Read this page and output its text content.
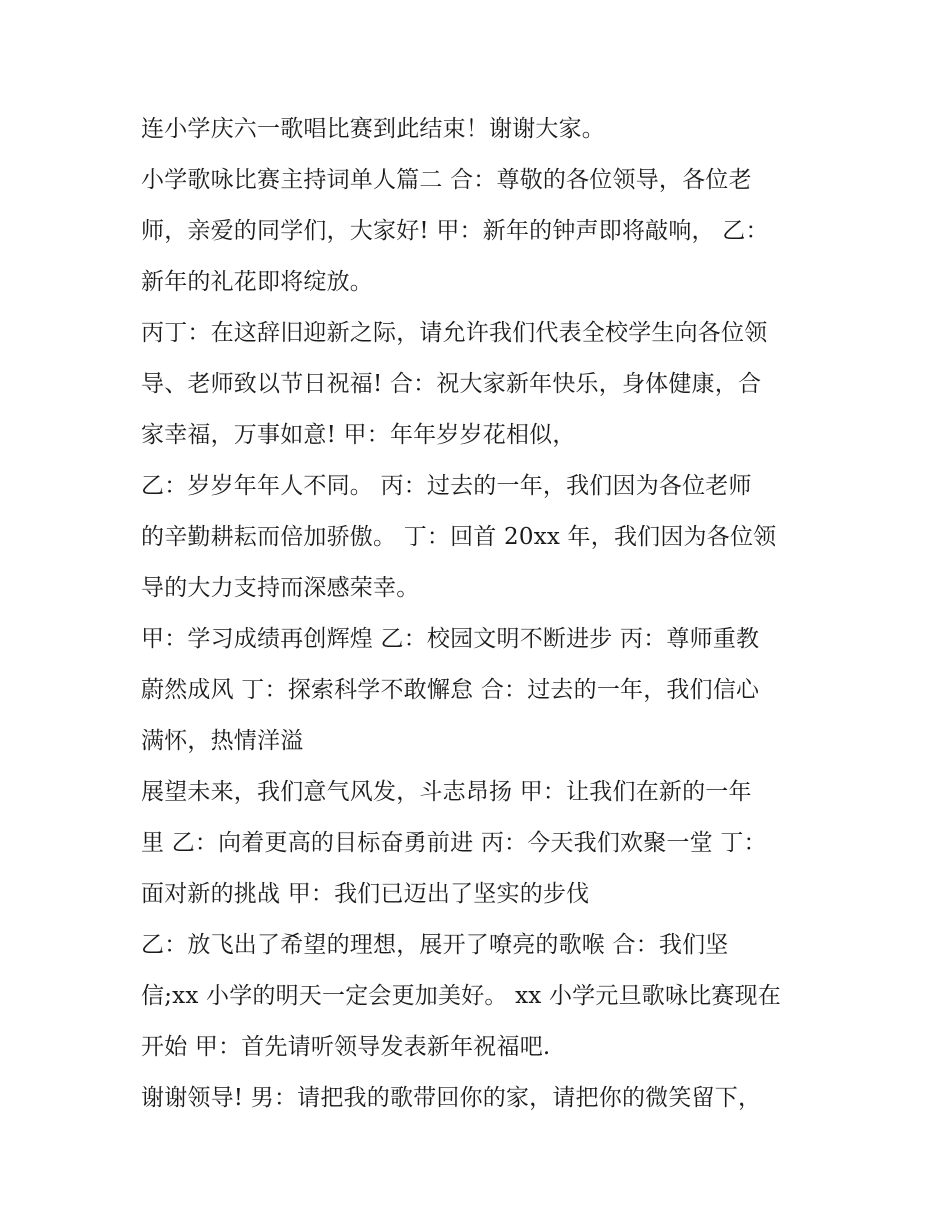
连小学庆六一歌唱比赛到此结束！谢谢大家。
小学歌咏比赛主持词单人篇二 合：尊敬的各位领导，各位老
师，亲爱的同学们，大家好! 甲：新年的钟声即将敲响， 乙：
新年的礼花即将绽放。
丙丁：在这辞旧迎新之际，请允许我们代表全校学生向各位领
导、老师致以节日祝福! 合：祝大家新年快乐，身体健康，合
家幸福，万事如意! 甲：年年岁岁花相似，
乙：岁岁年年人不同。 丙：过去的一年，我们因为各位老师
的辛勤耕耘而倍加骄傲。 丁：回首 20xx 年，我们因为各位领
导的大力支持而深感荣幸。
甲：学习成绩再创辉煌 乙：校园文明不断进步 丙：尊师重教
蔚然成风 丁：探索科学不敢懈怠 合：过去的一年，我们信心
满怀，热情洋溢
展望未来，我们意气风发，斗志昂扬 甲：让我们在新的一年
里 乙：向着更高的目标奋勇前进 丙：今天我们欢聚一堂 丁：
面对新的挑战 甲：我们已迈出了坚实的步伐
乙：放飞出了希望的理想，展开了嘹亮的歌喉 合：我们坚
信;xx 小学的明天一定会更加美好。 xx 小学元旦歌咏比赛现在
开始 甲：首先请听领导发表新年祝福吧.
谢谢领导! 男：请把我的歌带回你的家，请把你的微笑留下，
